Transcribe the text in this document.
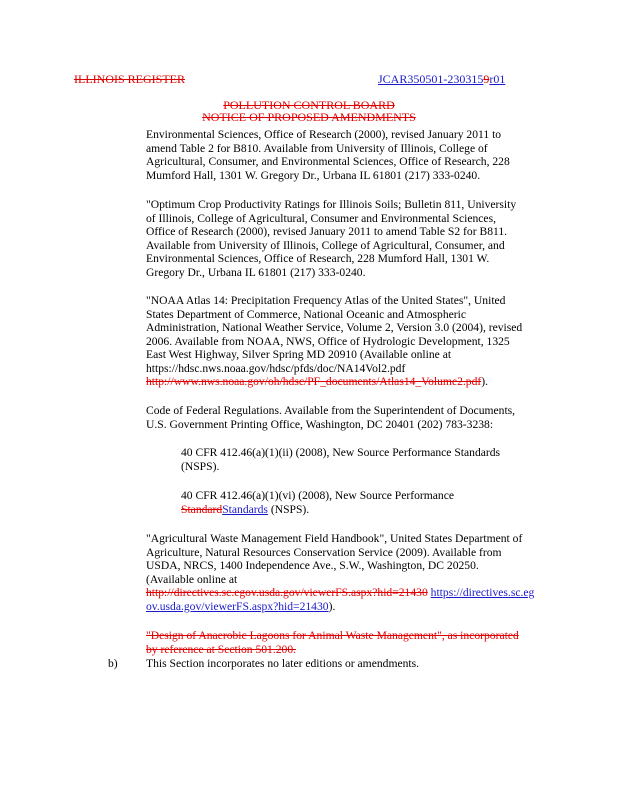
ILLINOIS REGISTER	JCAR350501-2303159r01
POLLUTION CONTROL BOARD
NOTICE OF PROPOSED AMENDMENTS
Environmental Sciences, Office of Research (2000), revised January 2011 to
amend Table 2 for B810. Available from University of Illinois, College of
Agricultural, Consumer, and Environmental Sciences, Office of Research, 228
Mumford Hall, 1301 W. Gregory Dr., Urbana IL 61801 (217) 333-0240.
"Optimum Crop Productivity Ratings for Illinois Soils; Bulletin 811, University
of Illinois, College of Agricultural, Consumer and Environmental Sciences,
Office of Research (2000), revised January 2011 to amend Table S2 for B811.
Available from University of Illinois, College of Agricultural, Consumer, and
Environmental Sciences, Office of Research, 228 Mumford Hall, 1301 W.
Gregory Dr., Urbana IL 61801 (217) 333-0240.
"NOAA Atlas 14: Precipitation Frequency Atlas of the United States", United
States Department of Commerce, National Oceanic and Atmospheric
Administration, National Weather Service, Volume 2, Version 3.0 (2004), revised
2006. Available from NOAA, NWS, Office of Hydrologic Development, 1325
East West Highway, Silver Spring MD 20910 (Available online at
https://hdsc.nws.noaa.gov/hdsc/pfds/doc/NA14Vol2.pdf
http://www.nws.noaa.gov/oh/hdsc/PF_documents/Atlas14_Volume2.pdf).
Code of Federal Regulations. Available from the Superintendent of Documents,
U.S. Government Printing Office, Washington, DC 20401 (202) 783-3238:
40 CFR 412.46(a)(1)(ii) (2008), New Source Performance Standards
(NSPS).
40 CFR 412.46(a)(1)(vi) (2008), New Source Performance
StandardStandards (NSPS).
"Agricultural Waste Management Field Handbook", United States Department of
Agriculture, Natural Resources Conservation Service (2009). Available from
USDA, NRCS, 1400 Independence Ave., S.W., Washington, DC 20250.
(Available online at
http://directives.sc.egov.usda.gov/viewerFS.aspx?hid=21430 https://directives.sc.eg
ov.usda.gov/viewerFS.aspx?hid=21430).
"Design of Anaerobic Lagoons for Animal Waste Management", as incorporated
by reference at Section 501.200.
b) This Section incorporates no later editions or amendments.
